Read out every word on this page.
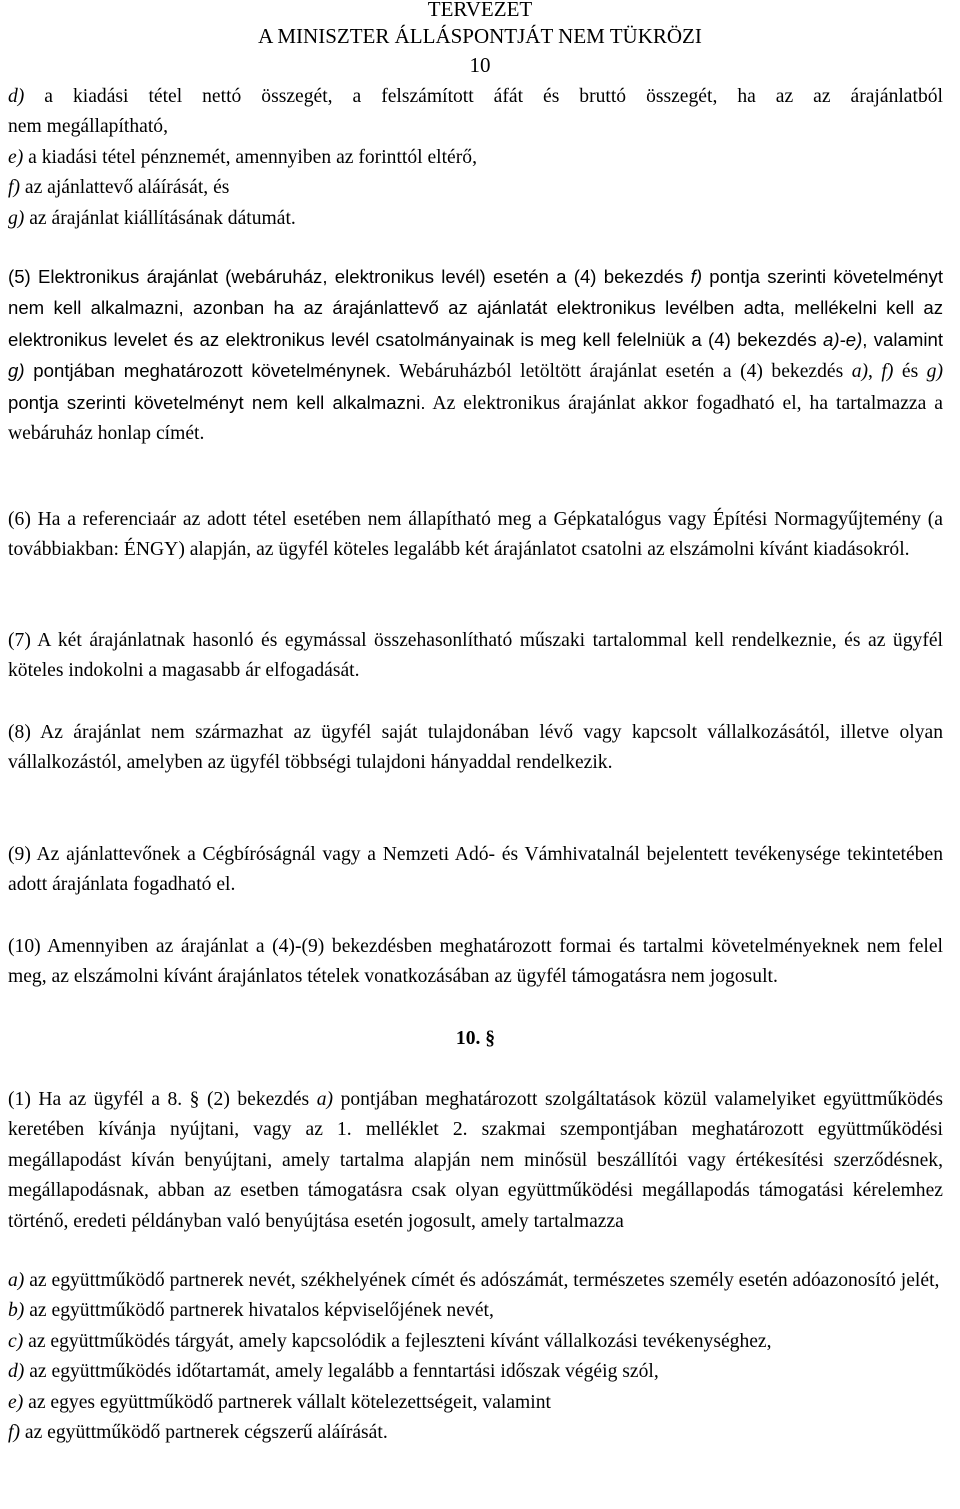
TERVEZET
A MINISZTER ÁLLÁSPONTJÁT NEM TÜKRÖZI
10
d) a kiadási tétel nettó összegét, a felszámított áfát és bruttó összegét, ha az az árajánlatból
nem megállapítható,
e) a kiadási tétel pénznemét, amennyiben az forinttól eltérő,
f) az ajánlattevő aláírását, és
g) az árajánlat kiállításának dátumát.
(5) Elektronikus árajánlat (webáruház, elektronikus levél) esetén a (4) bekezdés f) pontja szerinti követelményt nem kell alkalmazni, azonban ha az árajánlattevő az ajánlatát elektronikus levélben adta, mellékelni kell az elektronikus levelet és az elektronikus levél csatolmányainak is meg kell felelniük a (4) bekezdés a)-e), valamint g) pontjában meghatározott követelménynek. Webáruházból letöltött árajánlat esetén a (4) bekezdés a), f) és g) pontja szerinti követelményt nem kell alkalmazni. Az elektronikus árajánlat akkor fogadható el, ha tartalmazza a webáruház honlap címét.
(6) Ha a referenciaár az adott tétel esetében nem állapítható meg a Gépkatalógus vagy Építési Normagyűjtemény (a továbbiakban: ÉNGY) alapján, az ügyfél köteles legalább két árajánlatot csatolni az elszámolni kívánt kiadásokról.
(7) A két árajánlatnak hasonló és egymással összehasonlítható műszaki tartalommal kell rendelkeznie, és az ügyfél köteles indokolni a magasabb ár elfogadását.
(8) Az árajánlat nem származhat az ügyfél saját tulajdonában lévő vagy kapcsolt vállalkozásától, illetve olyan vállalkozástól, amelyben az ügyfél többségi tulajdoni hányaddal rendelkezik.
(9) Az ajánlattevőnek a Cégbíróságnál vagy a Nemzeti Adó- és Vámhivatalnál bejelentett tevékenysége tekintetében adott árajánlata fogadható el.
(10) Amennyiben az árajánlat a (4)-(9) bekezdésben meghatározott formai és tartalmi követelményeknek nem felel meg, az elszámolni kívánt árajánlatos tételek vonatkozásában az ügyfél támogatásra nem jogosult.
10. §
(1) Ha az ügyfél a 8. § (2) bekezdés a) pontjában meghatározott szolgáltatások közül valamelyiket együttműködés keretében kívánja nyújtani, vagy az 1. melléklet 2. szakmai szempontjában meghatározott együttműködési megállapodást kíván benyújtani, amely tartalma alapján nem minősül beszállítói vagy értékesítési szerződésnek, megállapodásnak, abban az esetben támogatásra csak olyan együttműködési megállapodás támogatási kérelemhez történő, eredeti példányban való benyújtása esetén jogosult, amely tartalmazza
a) az együttműködő partnerek nevét, székhelyének címét és adószámát, természetes személy esetén adóazonosító jelét,
b) az együttműködő partnerek hivatalos képviselőjének nevét,
c) az együttműködés tárgyát, amely kapcsolódik a fejleszteni kívánt vállalkozási tevékenységhez,
d) az együttműködés időtartamát, amely legalább a fenntartási időszak végéig szól,
e) az egyes együttműködő partnerek vállalt kötelezettségeit, valamint
f) az együttműködő partnerek cégszerű aláírását.
